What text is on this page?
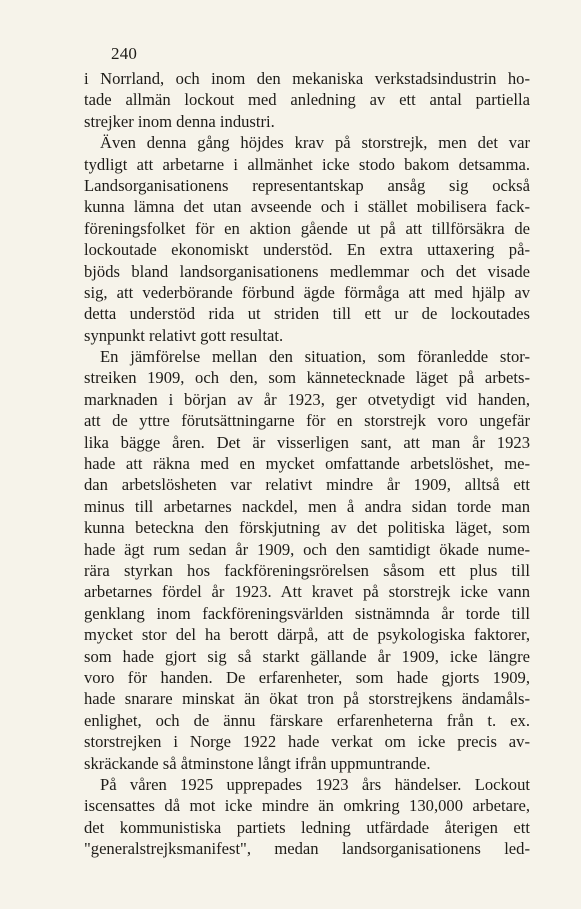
240
i Norrland, och inom den mekaniska verkstadsindustrin ho-
tade allmän lockout med anledning av ett antal partiella
strejker inom denna industri.
Även denna gång höjdes krav på storstrejk, men det var
tydligt att arbetarne i allmänhet icke stodo bakom detsamma.
Landsorganisationens representantskap ansåg sig också
kunna lämna det utan avseende och i stället mobilisera fack-
föreningsfolket för en aktion gående ut på att tillförsäkra de
lockoutade ekonomiskt understöd. En extra uttaxering på-
bjöds bland landsorganisationens medlemmar och det visade
sig, att vederbörande förbund ägde förmåga att med hjälp av
detta understöd rida ut striden till ett ur de lockoutades
synpunkt relativt gott resultat.
En jämförelse mellan den situation, som föranledde stor-
streiken 1909, och den, som kännetecknade läget på arbets-
marknaden i början av år 1923, ger otvetydigt vid handen,
att de yttre förutsättningarne för en storstrejk voro ungefär
lika bägge åren. Det är visserligen sant, att man år 1923
hade att räkna med en mycket omfattande arbetslöshet, me-
dan arbetslösheten var relativt mindre år 1909, alltså ett
minus till arbetarnes nackdel, men å andra sidan torde man
kunna beteckna den förskjutning av det politiska läget, som
hade ägt rum sedan år 1909, och den samtidigt ökade nume-
rära styrkan hos fackföreningsrörelsen såsom ett plus till
arbetarnes fördel år 1923. Att kravet på storstrejk icke vann
genklang inom fackföreningsvärlden sistnämnda år torde till
mycket stor del ha berott därpå, att de psykologiska faktorer,
som hade gjort sig så starkt gällande år 1909, icke längre
voro för handen. De erfarenheter, som hade gjorts 1909,
hade snarare minskat än ökat tron på storstrejkens ändamåls-
enlighet, och de ännu färskare erfarenheterna från t. ex.
storstrejken i Norge 1922 hade verkat om icke precis av-
skräckande så åtminstone långt ifrån uppmuntrande.
På våren 1925 upprepades 1923 års händelser. Lockout
iscensattes då mot icke mindre än omkring 130,000 arbetare,
det kommunistiska partiets ledning utfärdade återigen ett
"generalstrejksmanifest", medan landsorganisationens led-
